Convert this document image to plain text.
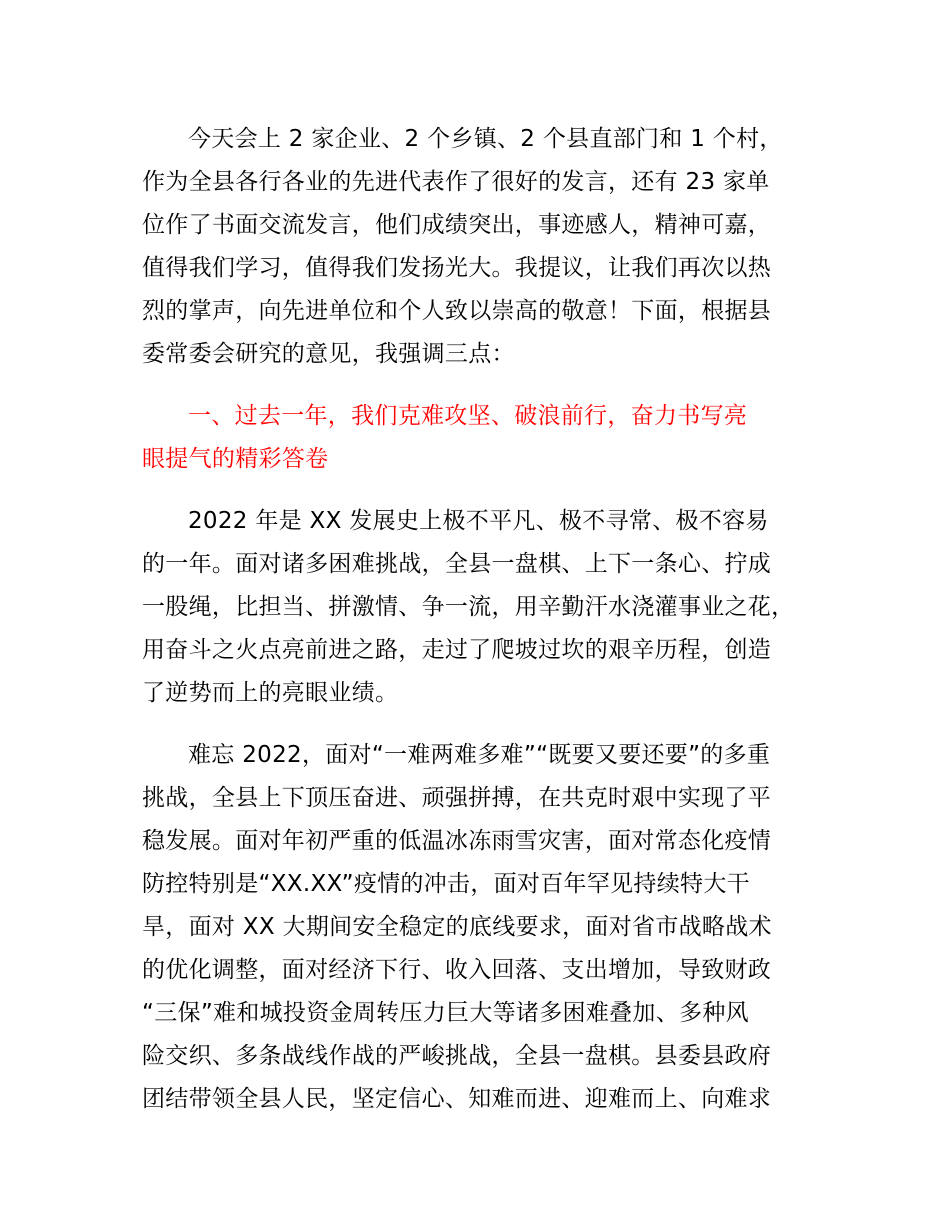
今天会上 2 家企业、2 个乡镇、2 个县直部门和 1 个村，
作为全县各行各业的先进代表作了很好的发言，还有 23 家单
位作了书面交流发言，他们成绩突出，事迹感人，精神可嘉，
值得我们学习，值得我们发扬光大。我提议，让我们再次以热
烈的掌声，向先进单位和个人致以崇高的敬意！下面，根据县
委常委会研究的意见，我强调三点：

一、过去一年，我们克难攻坚、破浪前行，奋力书写亮
眼提气的精彩答卷

2022 年是 XX 发展史上极不平凡、极不寻常、极不容易
的一年。面对诸多困难挑战，全县一盘棋、上下一条心、拧成
一股绳，比担当、拼激情、争一流，用辛勤汗水浇灌事业之花，
用奋斗之火点亮前进之路，走过了爬坡过坎的艰辛历程，创造
了逆势而上的亮眼业绩。

难忘 2022，面对“一难两难多难”“既要又要还要”的多重
挑战，全县上下顶压奋进、顽强拼搏，在共克时艰中实现了平
稳发展。面对年初严重的低温冰冻雨雪灾害，面对常态化疫情
防控特别是“XX.XX”疫情的冲击，面对百年罕见持续特大干
旱，面对 XX 大期间安全稳定的底线要求，面对省市战略战术
的优化调整，面对经济下行、收入回落、支出增加，导致财政
“三保”难和城投资金周转压力巨大等诸多困难叠加、多种风
险交织、多条战线作战的严峻挑战，全县一盘棋。县委县政府
团结带领全县人民，坚定信心、知难而进、迎难而上、向难求
